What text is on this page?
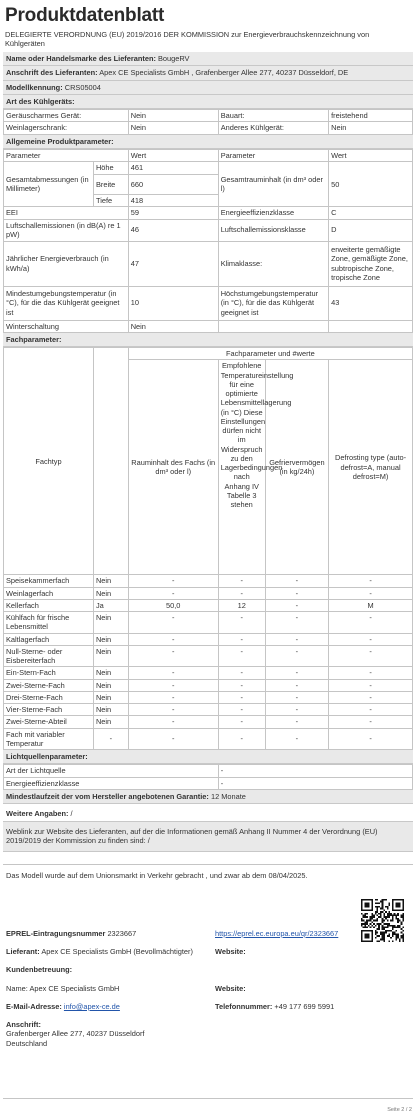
Produktdatenblatt
DELEGIERTE VERORDNUNG (EU) 2019/2016 DER KOMMISSION zur Energieverbrauchskennzeichnung von Kühlgeräten
Name oder Handelsmarke des Lieferanten: BougeRV
Anschrift des Lieferanten: Apex CE Specialists GmbH , Grafenberger Allee 277, 40237 Düsseldorf, DE
Modellkennung: CRS05004
Art des Kühlgeräts:
Geräuscharmes Gerät:	Nein	Bauart:	freistehend
Weinlagerschrank:	Nein	Anderes Kühlgerät:	Nein
Allgemeine Produktparameter:
Parameter		Wert	Parameter	Wert
Gesamtabmessungen (in Millimeter)	Höhe	461	Gesamtrauminhalt (in dm³ oder l)	50
	Breite	660		
	Tiefe	418		
EEI		59	Energieeffizienzklasse	C
Luftschallemissionen (in dB(A) re 1 pW)		46	Luftschallemissionsklasse	D
Jährlicher Energieverbrauch (in kWh/a)		47	Klimaklasse:	erweiterte gemäßigte Zone, gemäßigte Zone, subtropische Zone, tropische Zone
Mindestumgebungstemperatur (in °C), für die das Kühlgerät geeignet ist		10	Höchstumgebungstemperatur (in °C), für die das Kühlgerät geeignet ist	43
Winterschaltung		Nein		
Fachparameter:
Fachtyp		Fachparameter und #werte			
		Rauminhalt des Fachs (in dm³ oder l)	Empfohlene Temperatureinstellung für eine optimierte Lebensmittellagerung (in °C) Diese Einstellungen dürfen nicht im Widerspruch zu den Lagerbedingungen nach Anhang IV Tabelle 3 stehen	Gefriervermögen (in kg/24h)	Defrosting type (auto-defrost=A, manual defrost=M)
Speisekammerfach	Nein	-	-	-	-
Weinlagerfach	Nein	-	-	-	-
Kellerfach	Ja	50,0	12	-	M
Kühlfach für frische Lebensmittel	Nein	-	-	-	-
Kaltlagerfach	Nein	-	-	-	-
Null-Sterne- oder Eisbereiterfach	Nein	-	-	-	-
Ein-Stern-Fach	Nein	-	-	-	-
Zwei-Sterne-Fach	Nein	-	-	-	-
Drei-Sterne-Fach	Nein	-	-	-	-
Vier-Sterne-Fach	Nein	-	-	-	-
Zwei-Sterne-Abteil	Nein	-	-	-	-
Fach mit variabler Temperatur	-	-	-	-	-
Lichtquellenparameter:
Art der Lichtquelle	-
Energieeffizienzklasse	-
Mindestlaufzeit der vom Hersteller angebotenen Garantie: 12 Monate
Weitere Angaben: /
Weblink zur Website des Lieferanten, auf der die Informationen gemäß Anhang II Nummer 4 der Verordnung (EU) 2019/2019 der Kommission zu finden sind: /
Das Modell wurde auf dem Unionsmarkt in Verkehr gebracht , und zwar ab dem 08/04/2025.
EPREL-Eintragungsnummer 2323667	https://eprel.ec.europa.eu/qr/2323667
Lieferant: Apex CE Specialists GmbH (Bevollmächtigter)	Website:
Kundenbetreuung:
Name: Apex CE Specialists GmbH	Website:
E-Mail-Adresse: info@apex-ce.de	Telefonnummer: +49 177 699 5991
Anschrift:
Grafenberger Allee 277, 40237 Düsseldorf
Deutschland
Seite 2 / 2
